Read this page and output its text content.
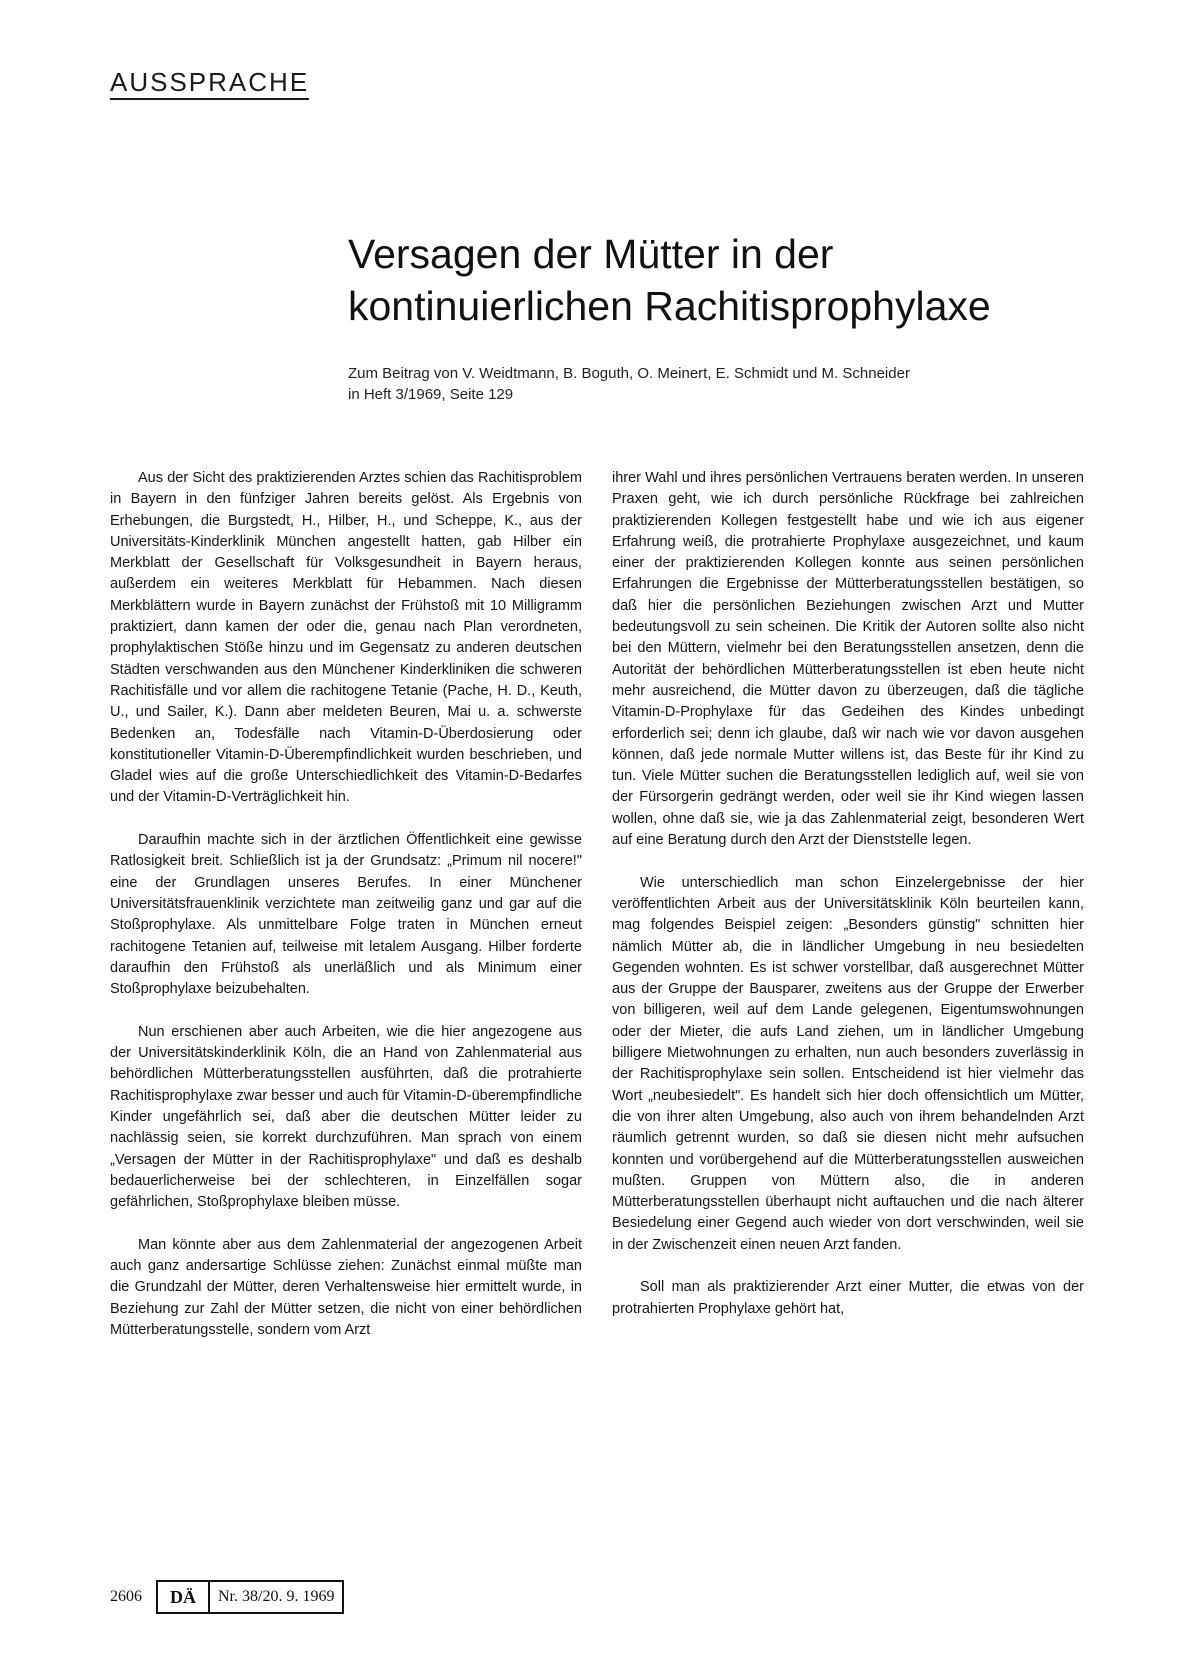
AUSSPRACHE
Versagen der Mütter in der
kontinuierlichen Rachitisprophylaxe
Zum Beitrag von V. Weidtmann, B. Boguth, O. Meinert, E. Schmidt und M. Schneider
in Heft 3/1969, Seite 129

Aus der Sicht des praktizierenden Arztes schien das Rachitisproblem in Bayern in den fünfziger Jahren bereits gelöst. Als Ergebnis von Erhebungen, die Burgstedt, H., Hilber, H., und Scheppe, K., aus der Universitäts-Kinderklinik München angestellt hatten, gab Hilber ein Merkblatt der Gesellschaft für Volksgesundheit in Bayern heraus, außerdem ein weiteres Merkblatt für Hebammen. Nach diesen Merkblättern wurde in Bayern zunächst der Frühstoß mit 10 Milligramm praktiziert, dann kamen der oder die, genau nach Plan verordneten, prophylaktischen Stöße hinzu und im Gegensatz zu anderen deutschen Städten verschwanden aus den Münchener Kinderkliniken die schweren Rachitisfälle und vor allem die rachitogene Tetanie (Pache, H. D., Keuth, U., und Sailer, K.). Dann aber meldeten Beuren, Mai u. a. schwerste Bedenken an, Todesfälle nach Vitamin-D-Überdosierung oder konstitutioneller Vitamin-D-Überempfindlichkeit wurden beschrieben, und Gladel wies auf die große Unterschiedlichkeit des Vitamin-D-Bedarfes und der Vitamin-D-Verträglichkeit hin.

Daraufhin machte sich in der ärztlichen Öffentlichkeit eine gewisse Ratlosigkeit breit. Schließlich ist ja der Grundsatz: „Primum nil nocere!" eine der Grundlagen unseres Berufes. In einer Münchener Universitätsfrauenklinik verzichtete man zeitweilig ganz und gar auf die Stoßprophylaxe. Als unmittelbare Folge traten in München erneut rachitogene Tetanien auf, teilweise mit letalem Ausgang. Hilber forderte daraufhin den Frühstoß als unerläßlich und als Minimum einer Stoßprophylaxe beizubehalten.

Nun erschienen aber auch Arbeiten, wie die hier angezogene aus der Universitätskinderklinik Köln, die an Hand von Zahlenmaterial aus behördlichen Mütterberatungsstellen ausführten, daß die protrahierte Rachitisprophylaxe zwar besser und auch für Vitamin-D-überempfindliche Kinder ungefährlich sei, daß aber die deutschen Mütter leider zu nachlässig seien, sie korrekt durchzuführen. Man sprach von einem „Versagen der Mütter in der Rachitisprophylaxe" und daß es deshalb bedauerlicherweise bei der schlechteren, in Einzelfällen sogar gefährlichen, Stoßprophylaxe bleiben müsse.

Man könnte aber aus dem Zahlenmaterial der angezogenen Arbeit auch ganz andersartige Schlüsse ziehen: Zunächst einmal müßte man die Grundzahl der Mütter, deren Verhaltensweise hier ermittelt wurde, in Beziehung zur Zahl der Mütter setzen, die nicht von einer behördlichen Mütterberatungsstelle, sondern vom Arzt

ihrer Wahl und ihres persönlichen Vertrauens beraten werden. In unseren Praxen geht, wie ich durch persönliche Rückfrage bei zahlreichen praktizierenden Kollegen festgestellt habe und wie ich aus eigener Erfahrung weiß, die protrahierte Prophylaxe ausgezeichnet, und kaum einer der praktizierenden Kollegen konnte aus seinen persönlichen Erfahrungen die Ergebnisse der Mütterberatungsstellen bestätigen, so daß hier die persönlichen Beziehungen zwischen Arzt und Mutter bedeutungsvoll zu sein scheinen. Die Kritik der Autoren sollte also nicht bei den Müttern, vielmehr bei den Beratungsstellen ansetzen, denn die Autorität der behördlichen Mütterberatungsstellen ist eben heute nicht mehr ausreichend, die Mütter davon zu überzeugen, daß die tägliche Vitamin-D-Prophylaxe für das Gedeihen des Kindes unbedingt erforderlich sei; denn ich glaube, daß wir nach wie vor davon ausgehen können, daß jede normale Mutter willens ist, das Beste für ihr Kind zu tun. Viele Mütter suchen die Beratungsstellen lediglich auf, weil sie von der Fürsorgerin gedrängt werden, oder weil sie ihr Kind wiegen lassen wollen, ohne daß sie, wie ja das Zahlenmaterial zeigt, besonderen Wert auf eine Beratung durch den Arzt der Dienststelle legen.

Wie unterschiedlich man schon Einzelergebnisse der hier veröffentlichten Arbeit aus der Universitätsklinik Köln beurteilen kann, mag folgendes Beispiel zeigen: „Besonders günstig" schnitten hier nämlich Mütter ab, die in ländlicher Umgebung in neu besiedelten Gegenden wohnten. Es ist schwer vorstellbar, daß ausgerechnet Mütter aus der Gruppe der Bausparer, zweitens aus der Gruppe der Erwerber von billigeren, weil auf dem Lande gelegenen, Eigentumswohnungen oder der Mieter, die aufs Land ziehen, um in ländlicher Umgebung billigere Mietwohnungen zu erhalten, nun auch besonders zuverlässig in der Rachitisprophylaxe sein sollen. Entscheidend ist hier vielmehr das Wort „neubesiedelt". Es handelt sich hier doch offensichtlich um Mütter, die von ihrer alten Umgebung, also auch von ihrem behandelnden Arzt räumlich getrennt wurden, so daß sie diesen nicht mehr aufsuchen konnten und vorübergehend auf die Mütterberatungsstellen ausweichen mußten. Gruppen von Müttern also, die in anderen Mütterberatungsstellen überhaupt nicht auftauchen und die nach älterer Besiedelung einer Gegend auch wieder von dort verschwinden, weil sie in der Zwischenzeit einen neuen Arzt fanden.

Soll man als praktizierender Arzt einer Mutter, die etwas von der protrahierten Prophylaxe gehört hat,

2606	DÄ	Nr. 38/20. 9. 1969
